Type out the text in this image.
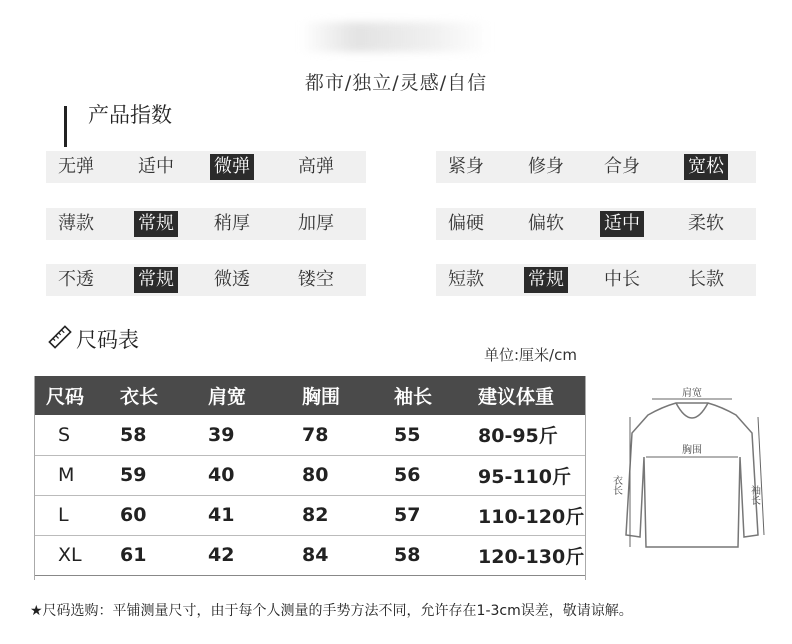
都市/独立/灵感/自信
产品指数
无弹 适中 微弹	高弹	紧身 修身 合身	宽松
薄款 常规 稍厚	加厚	偏硬 偏软 适中	柔软
不透 常规 微透	镂空	短款 常规 中长	长款
尺码表
单位:厘米/cm
尺码	衣长	肩宽	胸围	袖长	建议体重
S	58	39	78	55	80-95斤
M	59	40	80	56	95-110斤
L	60	41	82	57	110-120斤
XL	61	42	84	58	120-130斤
肩宽
胸围
衣长	袖长
★尺码选购：平铺测量尺寸，由于每个人测量的手势方法不同，允许存在1-3cm误差，敬请谅解。
